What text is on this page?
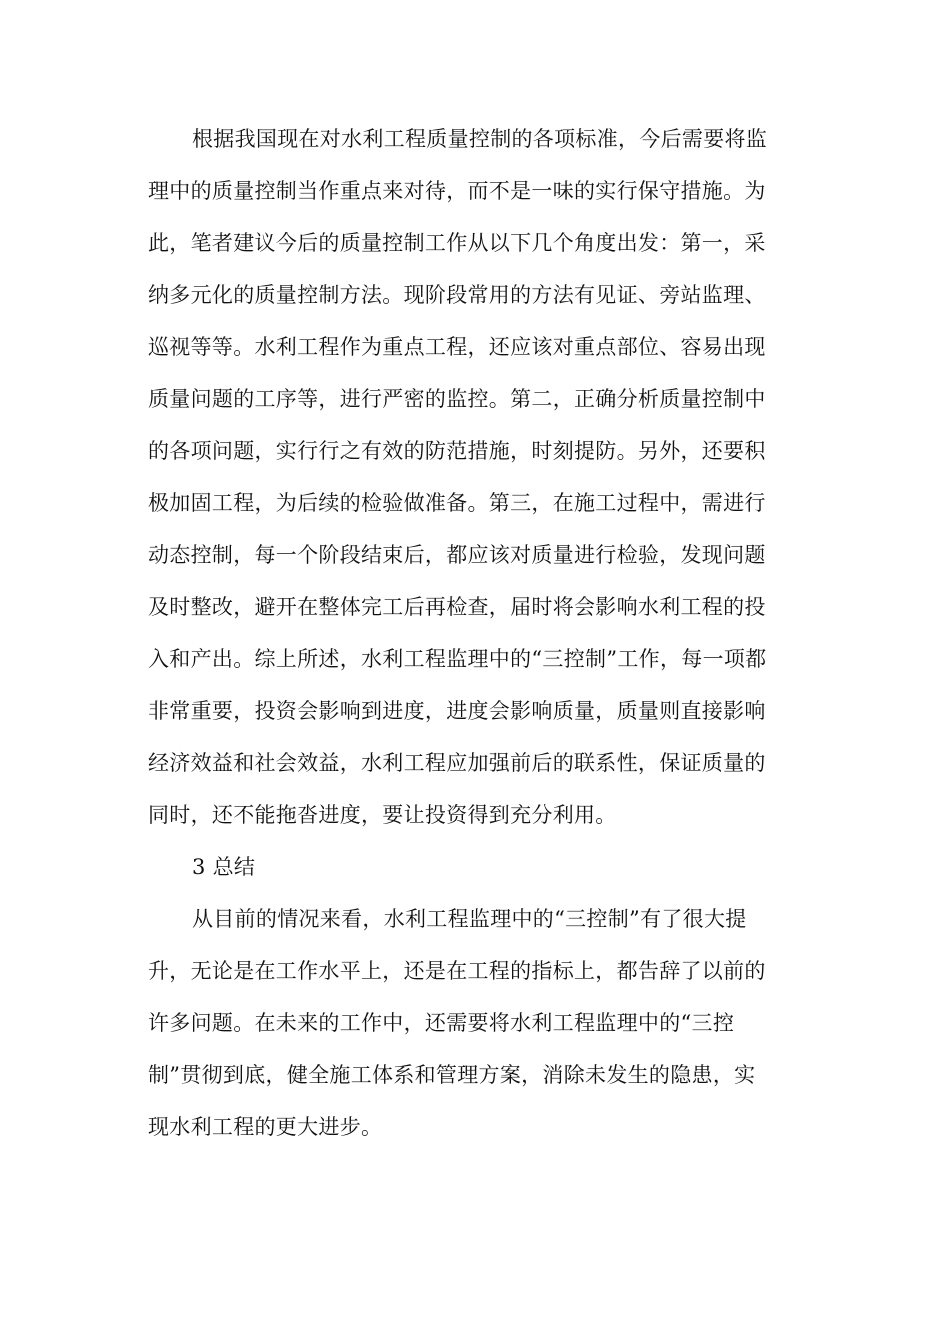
根据我国现在对水利工程质量控制的各项标准，今后需要将监
理中的质量控制当作重点来对待，而不是一味的实行保守措施。为
此，笔者建议今后的质量控制工作从以下几个角度出发：第一，采
纳多元化的质量控制方法。现阶段常用的方法有见证、旁站监理、
巡视等等。水利工程作为重点工程，还应该对重点部位、容易出现
质量问题的工序等，进行严密的监控。第二，正确分析质量控制中
的各项问题，实行行之有效的防范措施，时刻提防。另外，还要积
极加固工程，为后续的检验做准备。第三，在施工过程中，需进行
动态控制，每一个阶段结束后，都应该对质量进行检验，发现问题
及时整改，避开在整体完工后再检查，届时将会影响水利工程的投
入和产出。综上所述，水利工程监理中的“三控制”工作，每一项都
非常重要，投资会影响到进度，进度会影响质量，质量则直接影响
经济效益和社会效益，水利工程应加强前后的联系性，保证质量的
同时，还不能拖沓进度，要让投资得到充分利用。
3 总结
从目前的情况来看，水利工程监理中的“三控制”有了很大提
升，无论是在工作水平上，还是在工程的指标上，都告辞了以前的
许多问题。在未来的工作中，还需要将水利工程监理中的“三控
制”贯彻到底，健全施工体系和管理方案，消除未发生的隐患，实
现水利工程的更大进步。
